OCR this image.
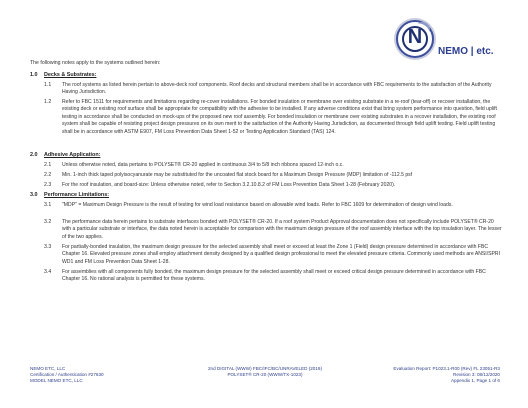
N
NEMO | etc.
The following notes apply to the systems outlined herein:
1.0 Decks & Substrates:
1.1 The roof systems as listed herein pertain to above-deck roof components. Roof decks and structural members shall be in accordance with FBC requirements to the satisfaction of the Authority Having Jurisdiction.
1.2 Refer to FBC 1511 for requirements and limitations regarding re-cover installations. For bonded insulation or membrane over existing substrate in a re-roof (tear-off) or recover installation, the existing deck or existing roof surface shall be appropriate for compatibility with the adhesive to be installed. If any adverse conditions exist that bring system performance into question, field uplift testing in accordance shall be conducted on mock-ups of the proposed new roof assembly. For bonded insulation or membrane over existing substrates in a recover installation, the existing roof system shall be capable of resisting project design pressures on its own merit to the satisfaction of the Authority Having Jurisdiction, as documented through field uplift testing. Field uplift testing shall be in accordance with ASTM E907, FM Loss Prevention Data Sheet 1-52 or Testing Application Standard (TAS) 124.
2.0 Adhesive Application:
2.1 Unless otherwise noted, data pertains to POLYSET® CR-20 applied in continuous 3/4 to 5/8 inch ribbons spaced 12-inch o.c.
2.2 Min. 1-inch thick taped polyisocyanurate may be substituted for the uncoated flat stock board for a Maximum Design Pressure (MDP) limitation of -112.5 psf
2.3 For the roof insulation, and board-size: Unless otherwise noted, refer to Section 3.2.10.8.2 of FM Loss Prevention Data Sheet 1-28 (February 2020).
3.0 Performance Limitations:
3.1 "MDP" = Maximum Design Pressure is the result of testing for wind load resistance based on allowable wind loads. Refer to FBC 1609 for determination of design wind loads.
3.2 The performance data herein pertains to substrate interfaces bonded with POLYSET® CR-20. If a roof system Product Approval documentation does not specifically include POLYSET® CR-20 with a particular substrate or interface, the data noted herein is acceptable for comparison with the maximum design pressure of the roof assembly interface with the top insulation layer. The lesser of the two applies.
3.3 For partially-bonded insulation, the maximum design pressure for the selected assembly shall meet or exceed at least the Zone 1 (Field) design pressure determined in accordance with FBC Chapter 16. Elevated pressure zones shall employ attachment density designed by a qualified design professional to meet the elevated pressure criteria. Commonly used methods are ANSI/SPRI WD1 and FM Loss Prevention Data Sheet 1-28.
3.4 For assemblies with all components fully bonded, the maximum design pressure for the selected assembly shall meet or exceed critical design pressure determined in accordance with FBC Chapter 16. No rational analysis is permitted for these systems.
NEMO ETC, LLC
Certification / Authentication #27630
MODEL NEMO ETC, LLC
2nd DIGITAL (WWW) FBC/IFC/BC/UNRAVELED (2019)
POLYSET® CR-20 (WWW/TX-1023)
Evaluation Report: P1023.1-R00 (Rev) FL 23051-R3
Revision 3: 08/12/2020
Appendix 1, Page 1 of 6
